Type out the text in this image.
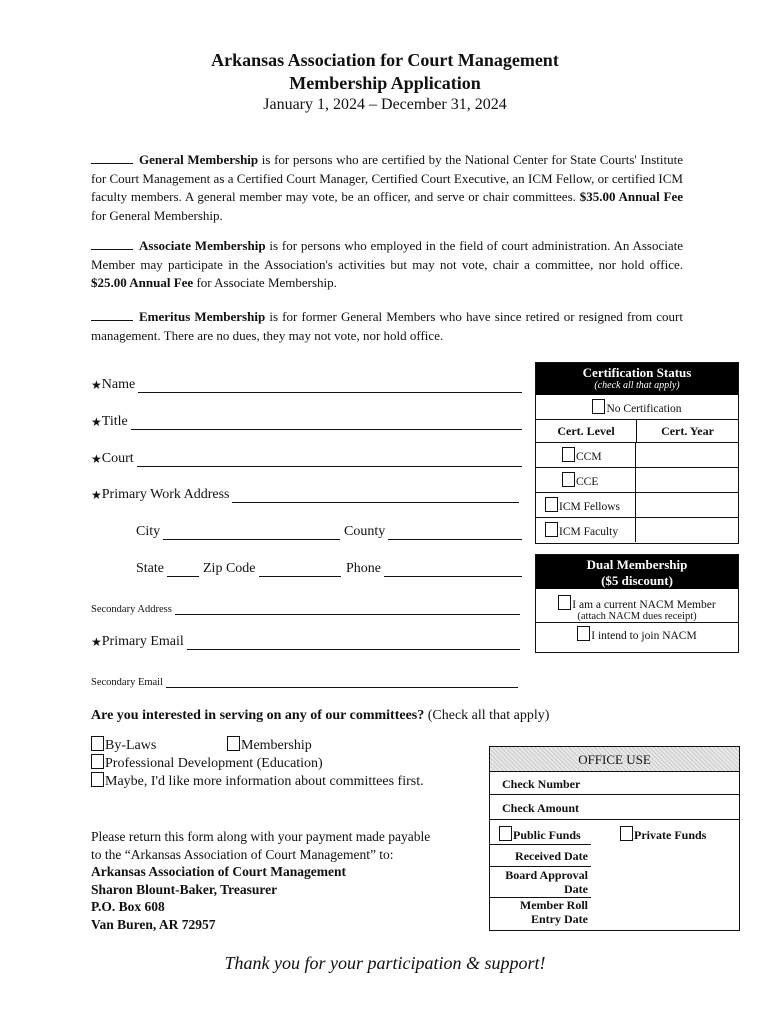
Arkansas Association for Court Management
Membership Application
January 1, 2024 – December 31, 2024
General Membership is for persons who are certified by the National Center for State Courts' Institute for Court Management as a Certified Court Manager, Certified Court Executive, an ICM Fellow, or certified ICM faculty members. A general member may vote, be an officer, and serve or chair committees. $35.00 Annual Fee for General Membership.
Associate Membership is for persons who employed in the field of court administration. An Associate Member may participate in the Association's activities but may not vote, chair a committee, nor hold office. $25.00 Annual Fee for Associate Membership.
Emeritus Membership is for former General Members who have since retired or resigned from court management. There are no dues, they may not vote, nor hold office.
★ Name
★ Title
★ Court
★ Primary Work Address
City	County
State	Zip Code	Phone
Secondary Address
★ Primary Email
Secondary Email
Certification Status
(check all that apply)
No Certification
Cert. Level	Cert. Year
CCM
CCE
ICM Fellows
ICM Faculty
Dual Membership
($5 discount)
I am a current NACM Member
(attach NACM dues receipt)
I intend to join NACM
Are you interested in serving on any of our committees? (Check all that apply)
By-Laws	Membership
Professional Development (Education)
Maybe, I'd like more information about committees first.
Please return this form along with your payment made payable
to the “Arkansas Association of Court Management” to:
Arkansas Association of Court Management
Sharon Blount-Baker, Treasurer
P.O. Box 608
Van Buren, AR 72957
OFFICE USE
Check Number
Check Amount
Public Funds	Private Funds
Received Date
Board Approval
Date
Member Roll
Entry Date
Thank you for your participation & support!
